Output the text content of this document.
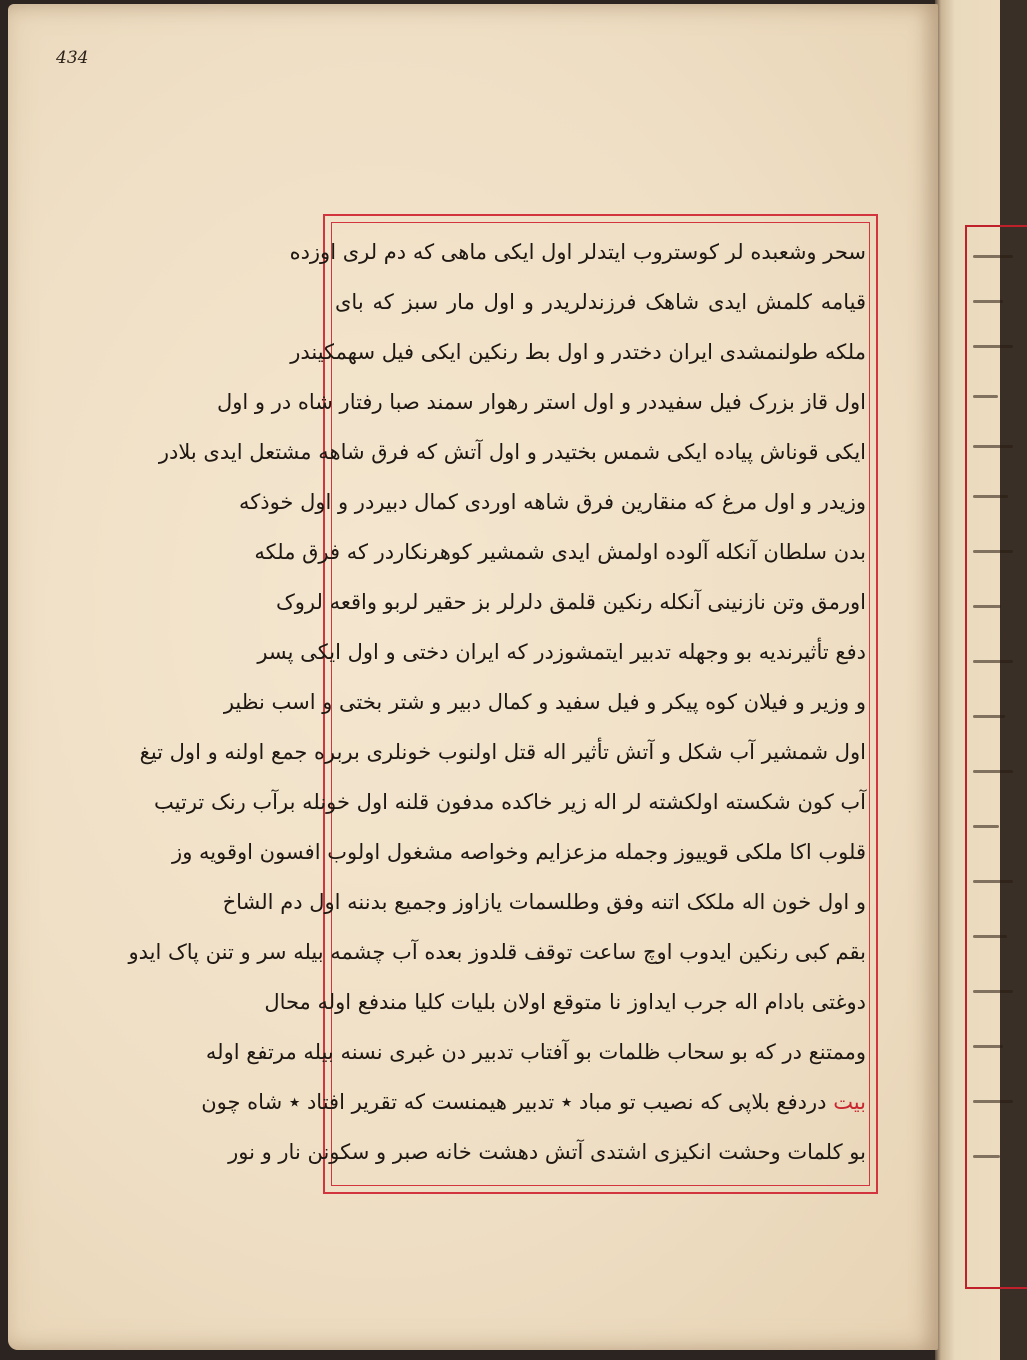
434
سحر وشعبده لر کوستروب ایتدلر اول ایکی ماهی که دم لری اوزده
قیامه کلمش ایدی شاهک فرزندلریدر و اول مار سبز که بای
ملکه طولنمشدی ایران دختدر و اول بط رنکین ایکی فیل سهمکیندر
اول قاز بزرک فیل سفیددر و اول استر رهوار سمند صبا رفتار شاه در و اول
ایکی قوناش پیاده ایکی شمس بختیدر و اول آتش که فرق شاهه مشتعل ایدی بلادر
وزیدر و اول مرغ که منقارین فرق شاهه اوردی کمال دبیردر و اول خوذکه
بدن سلطان آنکله آلوده اولمش ایدی شمشیر کوهرنکاردر که فرق ملکه
اورمق وتن نازنینی آنکله رنکین قلمق دلرلر بز حقیر لربو واقعه لروک
دفع تأثیرندیه بو وجهله تدبیر ایتمشوزدر که ایران دختی و اول ایکی پسر
و وزیر و فیلان کوه پیکر و فیل سفید و کمال دبیر و شتر بختی و اسب نظیر
اول شمشیر آب شکل و آتش تأثیر اله قتل اولنوب خونلری بربره جمع اولنه و اول تیغ
آب کون شکسته اولکشته لر اله زیر خاکده مدفون قلنه اول خونله برآب رنک ترتیب
قلوب اکا ملکی قوییوز وجمله مزعزایم وخواصه مشغول اولوب افسون اوقویه وز
و اول خون اله ملکک اتنه وفق وطلسمات یازاوز وجمیع بدننه اول دم الشاخ
بقم کبی رنکین ایدوب اوچ ساعت توقف قلدوز بعده آب چشمه بیله سر و تنن پاک ایدو
دوغتی بادام اله جرب ایداوز نا متوقع اولان بلیات کلیا مندفع اوله محال
وممتنع در که بو سحاب ظلمات بو آفتاب تدبیر دن غبری نسنه بیله مرتفع اوله
بیت دردفع بلاپی که نصیب تو مباد ٭ تدبیر هیمنست که تقریر افتاد ٭ شاه چون
بو کلمات وحشت انکیزی اشتدی آتش دهشت خانه صبر و سکونن نار و نور
